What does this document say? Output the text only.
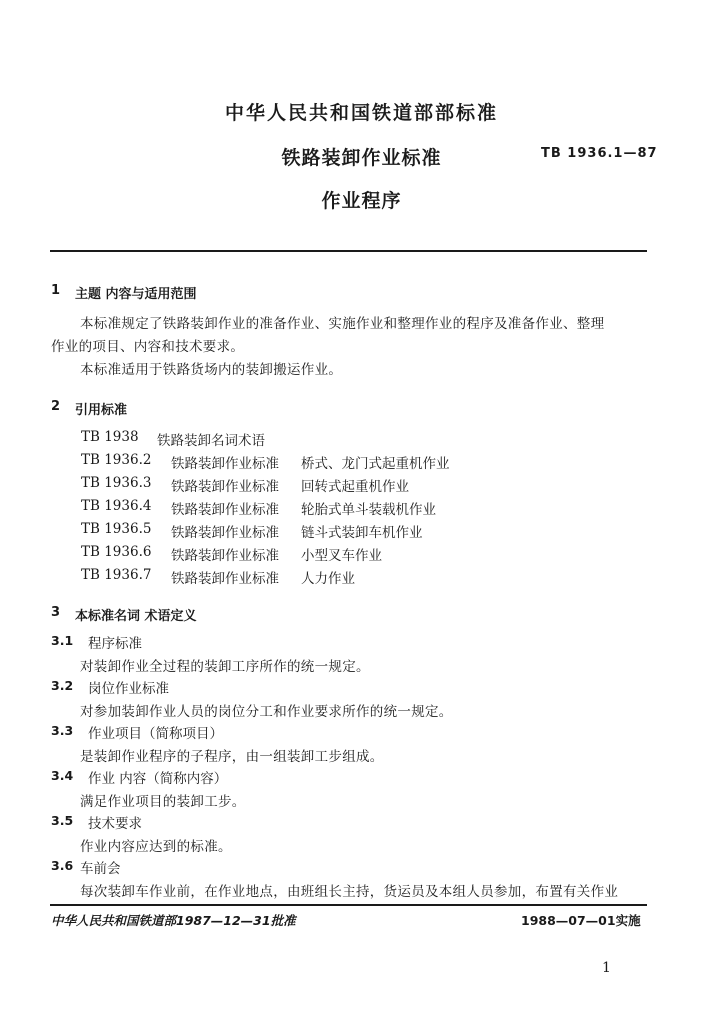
中华人民共和国铁道部部标准
铁路装卸作业标准	TB 1936.1—87
作业程序
1 主题 内容与适用范围
本标准规定了铁路装卸作业的准备作业、实施作业和整理作业的程序及准备作业、整理
作业的项目、内容和技术要求。
本标准适用于铁路货场内的装卸搬运作业。
2 引用标准
TB 1938	铁路装卸名词术语
TB 1936.2	铁路装卸作业标准 桥式、龙门式起重机作业
TB 1936.3	铁路装卸作业标准 回转式起重机作业
TB 1936.4	铁路装卸作业标准 轮胎式单斗装载机作业
TB 1936.5	铁路装卸作业标准 链斗式装卸车机作业
TB 1936.6	铁路装卸作业标准 小型叉车作业
TB 1936.7	铁路装卸作业标准 人力作业
3 本标准名词 术语定义
3.1 程序标准
对装卸作业全过程的装卸工序所作的统一规定。
3.2 岗位作业标准
对参加装卸作业人员的岗位分工和作业要求所作的统一规定。
3.3 作业项目（简称项目）
是装卸作业程序的子程序，由一组装卸工步组成。
3.4 作业 内容（简称内容）
满足作业项目的装卸工步。
3.5 技术要求
作业内容应达到的标准。
3.6 车前会
每次装卸车作业前，在作业地点，由班组长主持，货运员及本组人员参加，布置有关作业
中华人民共和国铁道部1987—12—31批准	1988—07—01实施
1
